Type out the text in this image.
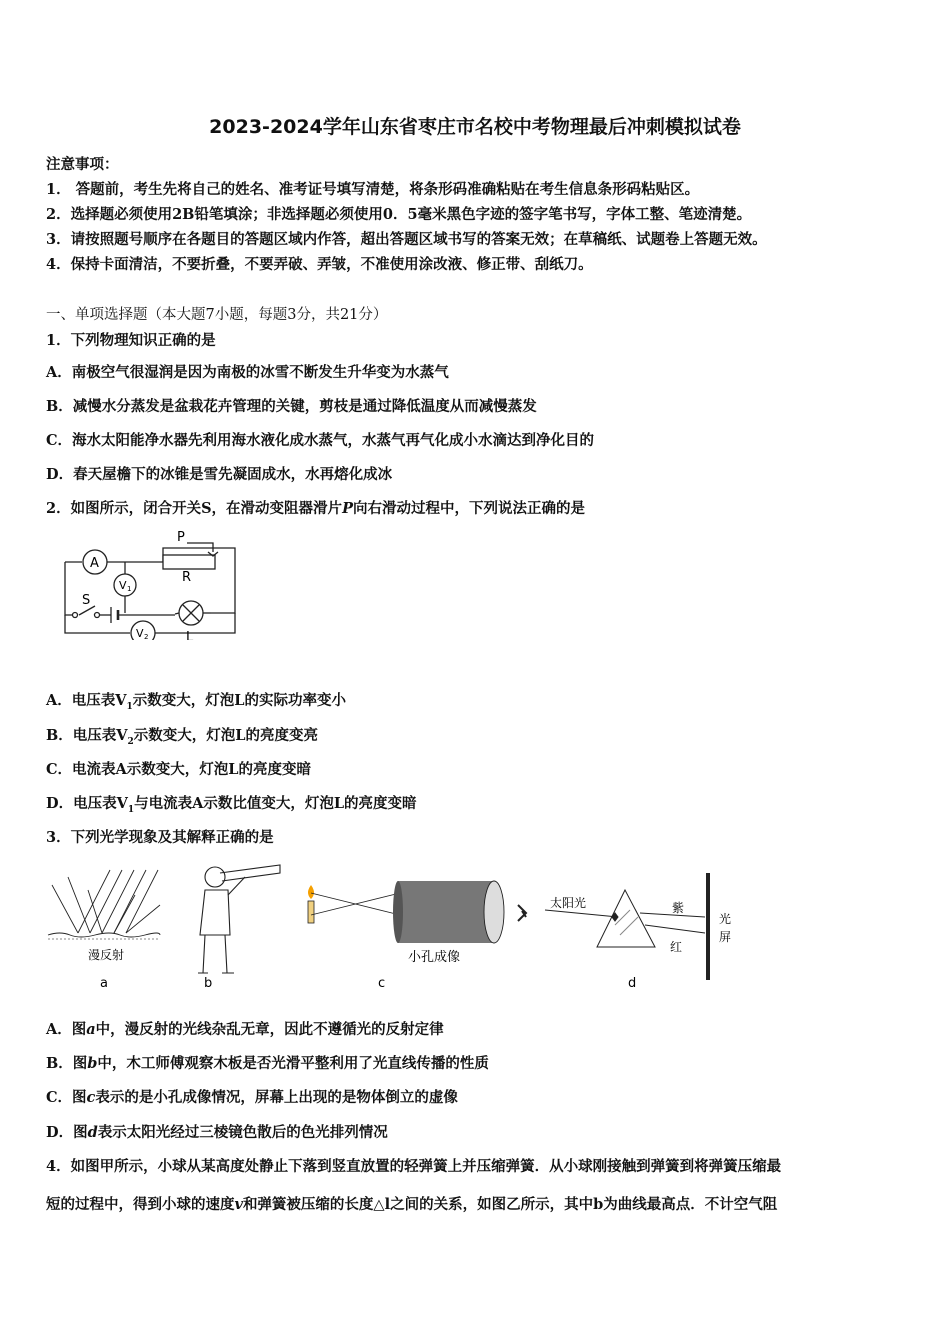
2023-2024学年山东省枣庄市名校中考物理最后冲刺模拟试卷
注意事项：
1． 答题前，考生先将自己的姓名、准考证号填写清楚，将条形码准确粘贴在考生信息条形码粘贴区。
2．选择题必须使用2B铅笔填涂；非选择题必须使用0．5毫米黑色字迹的签字笔书写，字体工整、笔迹清楚。
3．请按照题号顺序在各题目的答题区域内作答，超出答题区域书写的答案无效；在草稿纸、试题卷上答题无效。
4．保持卡面清洁，不要折叠，不要弄破、弄皱，不准使用涂改液、修正带、刮纸刀。
一、单项选择题（本大题7小题，每题3分，共21分）
1．下列物理知识正确的是
A．南极空气很湿润是因为南极的冰雪不断发生升华变为水蒸气
B．减慢水分蒸发是盆栽花卉管理的关键，剪枝是通过降低温度从而减慢蒸发
C．海水太阳能净水器先利用海水液化成水蒸气，水蒸气再气化成小水滴达到净化目的
D．春天屋檐下的冰锥是雪先凝固成水，水再熔化成冰
2．如图所示，闭合开关S，在滑动变阻器滑片P向右滑动过程中，下列说法正确的是
A
V 1
V 2
P
R
S
L
A．电压表$V_1$示数变大，灯泡L的实际功率变小
B．电压表$V_2$示数变大，灯泡L的亮度变亮
C．电流表A示数变大，灯泡L的亮度变暗
D．电压表$V_1$与电流表A示数比值变大，灯泡L的亮度变暗
3．下列光学现象及其解释正确的是
漫反射	小孔成像
太阳光	紫
红
光
屏
a	b	c	d
A．图a中，漫反射的光线杂乱无章，因此不遵循光的反射定律
B．图b中，木工师傅观察木板是否光滑平整利用了光直线传播的性质
C．图c表示的是小孔成像情况，屏幕上出现的是物体倒立的虚像
D．图d表示太阳光经过三棱镜色散后的色光排列情况
4．如图甲所示，小球从某高度处静止下落到竖直放置的轻弹簧上并压缩弹簧．从小球刚接触到弹簧到将弹簧压缩最
短的过程中，得到小球的速度v和弹簧被压缩的长度△l之间的关系，如图乙所示，其中b为曲线最高点．不计空气阻
